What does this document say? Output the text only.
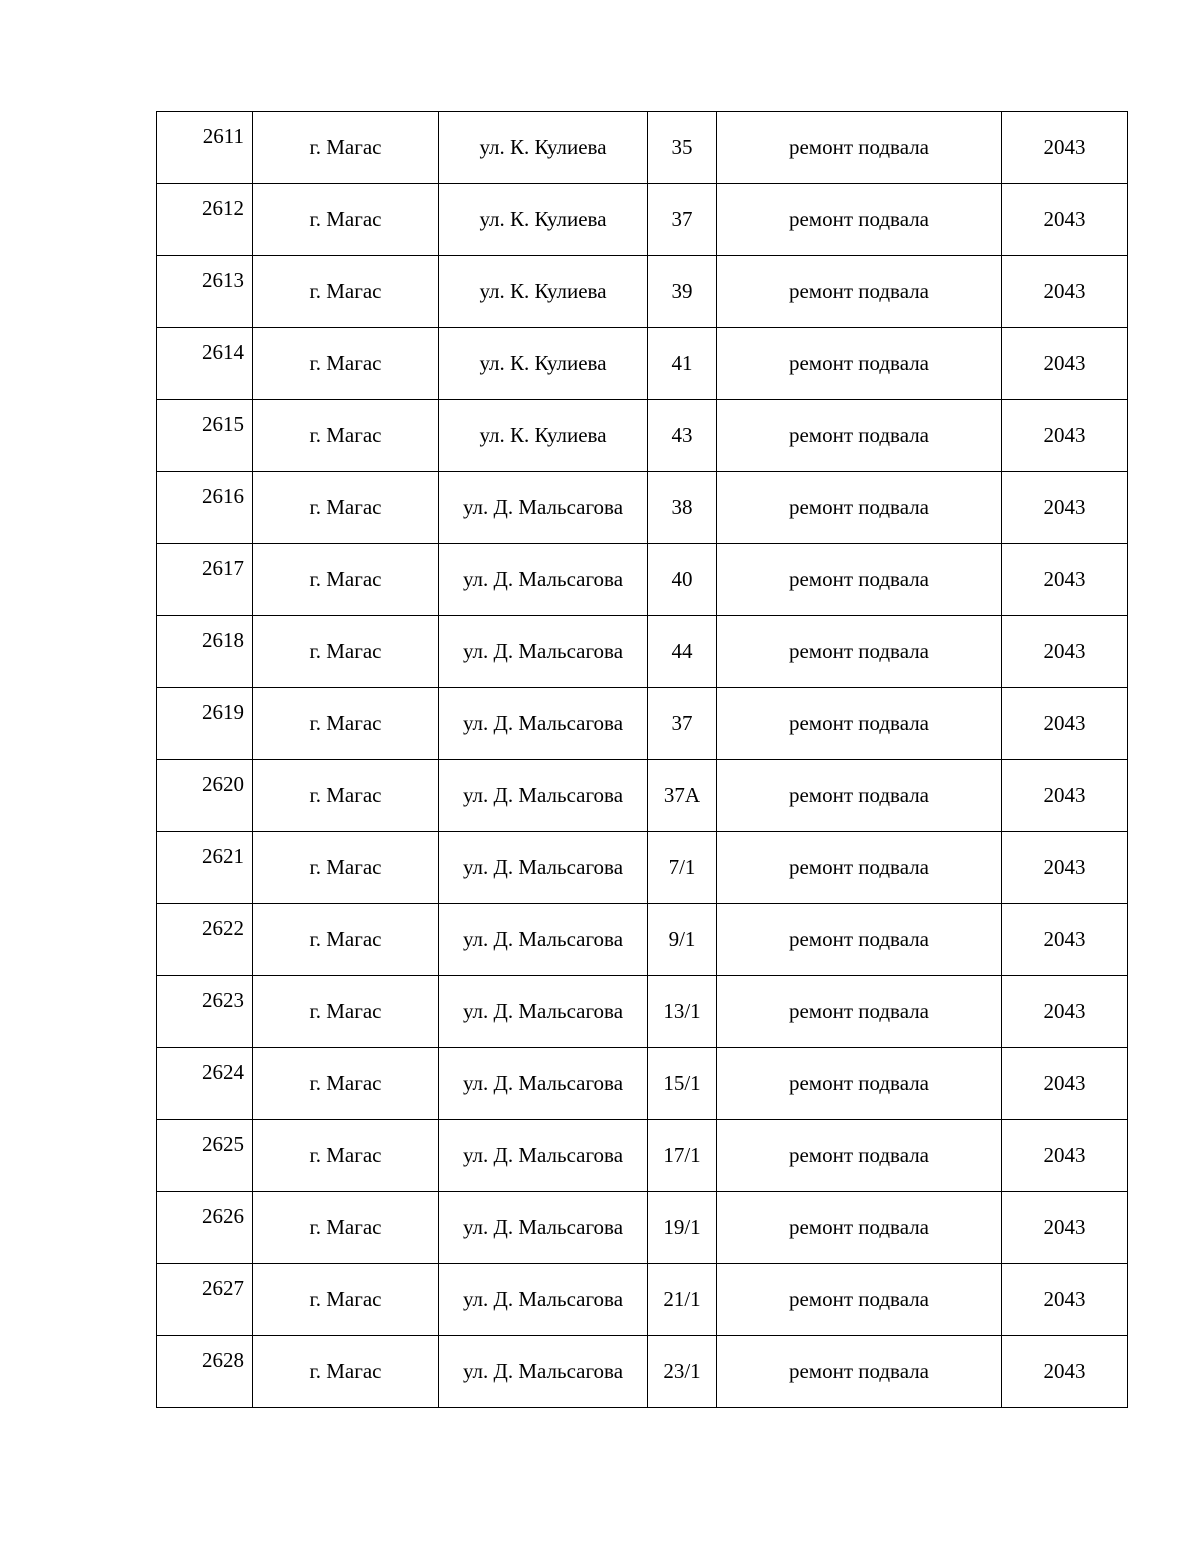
2611	г. Магас	ул. К. Кулиева	35	ремонт подвала	2043
2612	г. Магас	ул. К. Кулиева	37	ремонт подвала	2043
2613	г. Магас	ул. К. Кулиева	39	ремонт подвала	2043
2614	г. Магас	ул. К. Кулиева	41	ремонт подвала	2043
2615	г. Магас	ул. К. Кулиева	43	ремонт подвала	2043
2616	г. Магас	ул. Д. Мальсагова	38	ремонт подвала	2043
2617	г. Магас	ул. Д. Мальсагова	40	ремонт подвала	2043
2618	г. Магас	ул. Д. Мальсагова	44	ремонт подвала	2043
2619	г. Магас	ул. Д. Мальсагова	37	ремонт подвала	2043
2620	г. Магас	ул. Д. Мальсагова	37А	ремонт подвала	2043
2621	г. Магас	ул. Д. Мальсагова	7/1	ремонт подвала	2043
2622	г. Магас	ул. Д. Мальсагова	9/1	ремонт подвала	2043
2623	г. Магас	ул. Д. Мальсагова	13/1	ремонт подвала	2043
2624	г. Магас	ул. Д. Мальсагова	15/1	ремонт подвала	2043
2625	г. Магас	ул. Д. Мальсагова	17/1	ремонт подвала	2043
2626	г. Магас	ул. Д. Мальсагова	19/1	ремонт подвала	2043
2627	г. Магас	ул. Д. Мальсагова	21/1	ремонт подвала	2043
2628	г. Магас	ул. Д. Мальсагова	23/1	ремонт подвала	2043
